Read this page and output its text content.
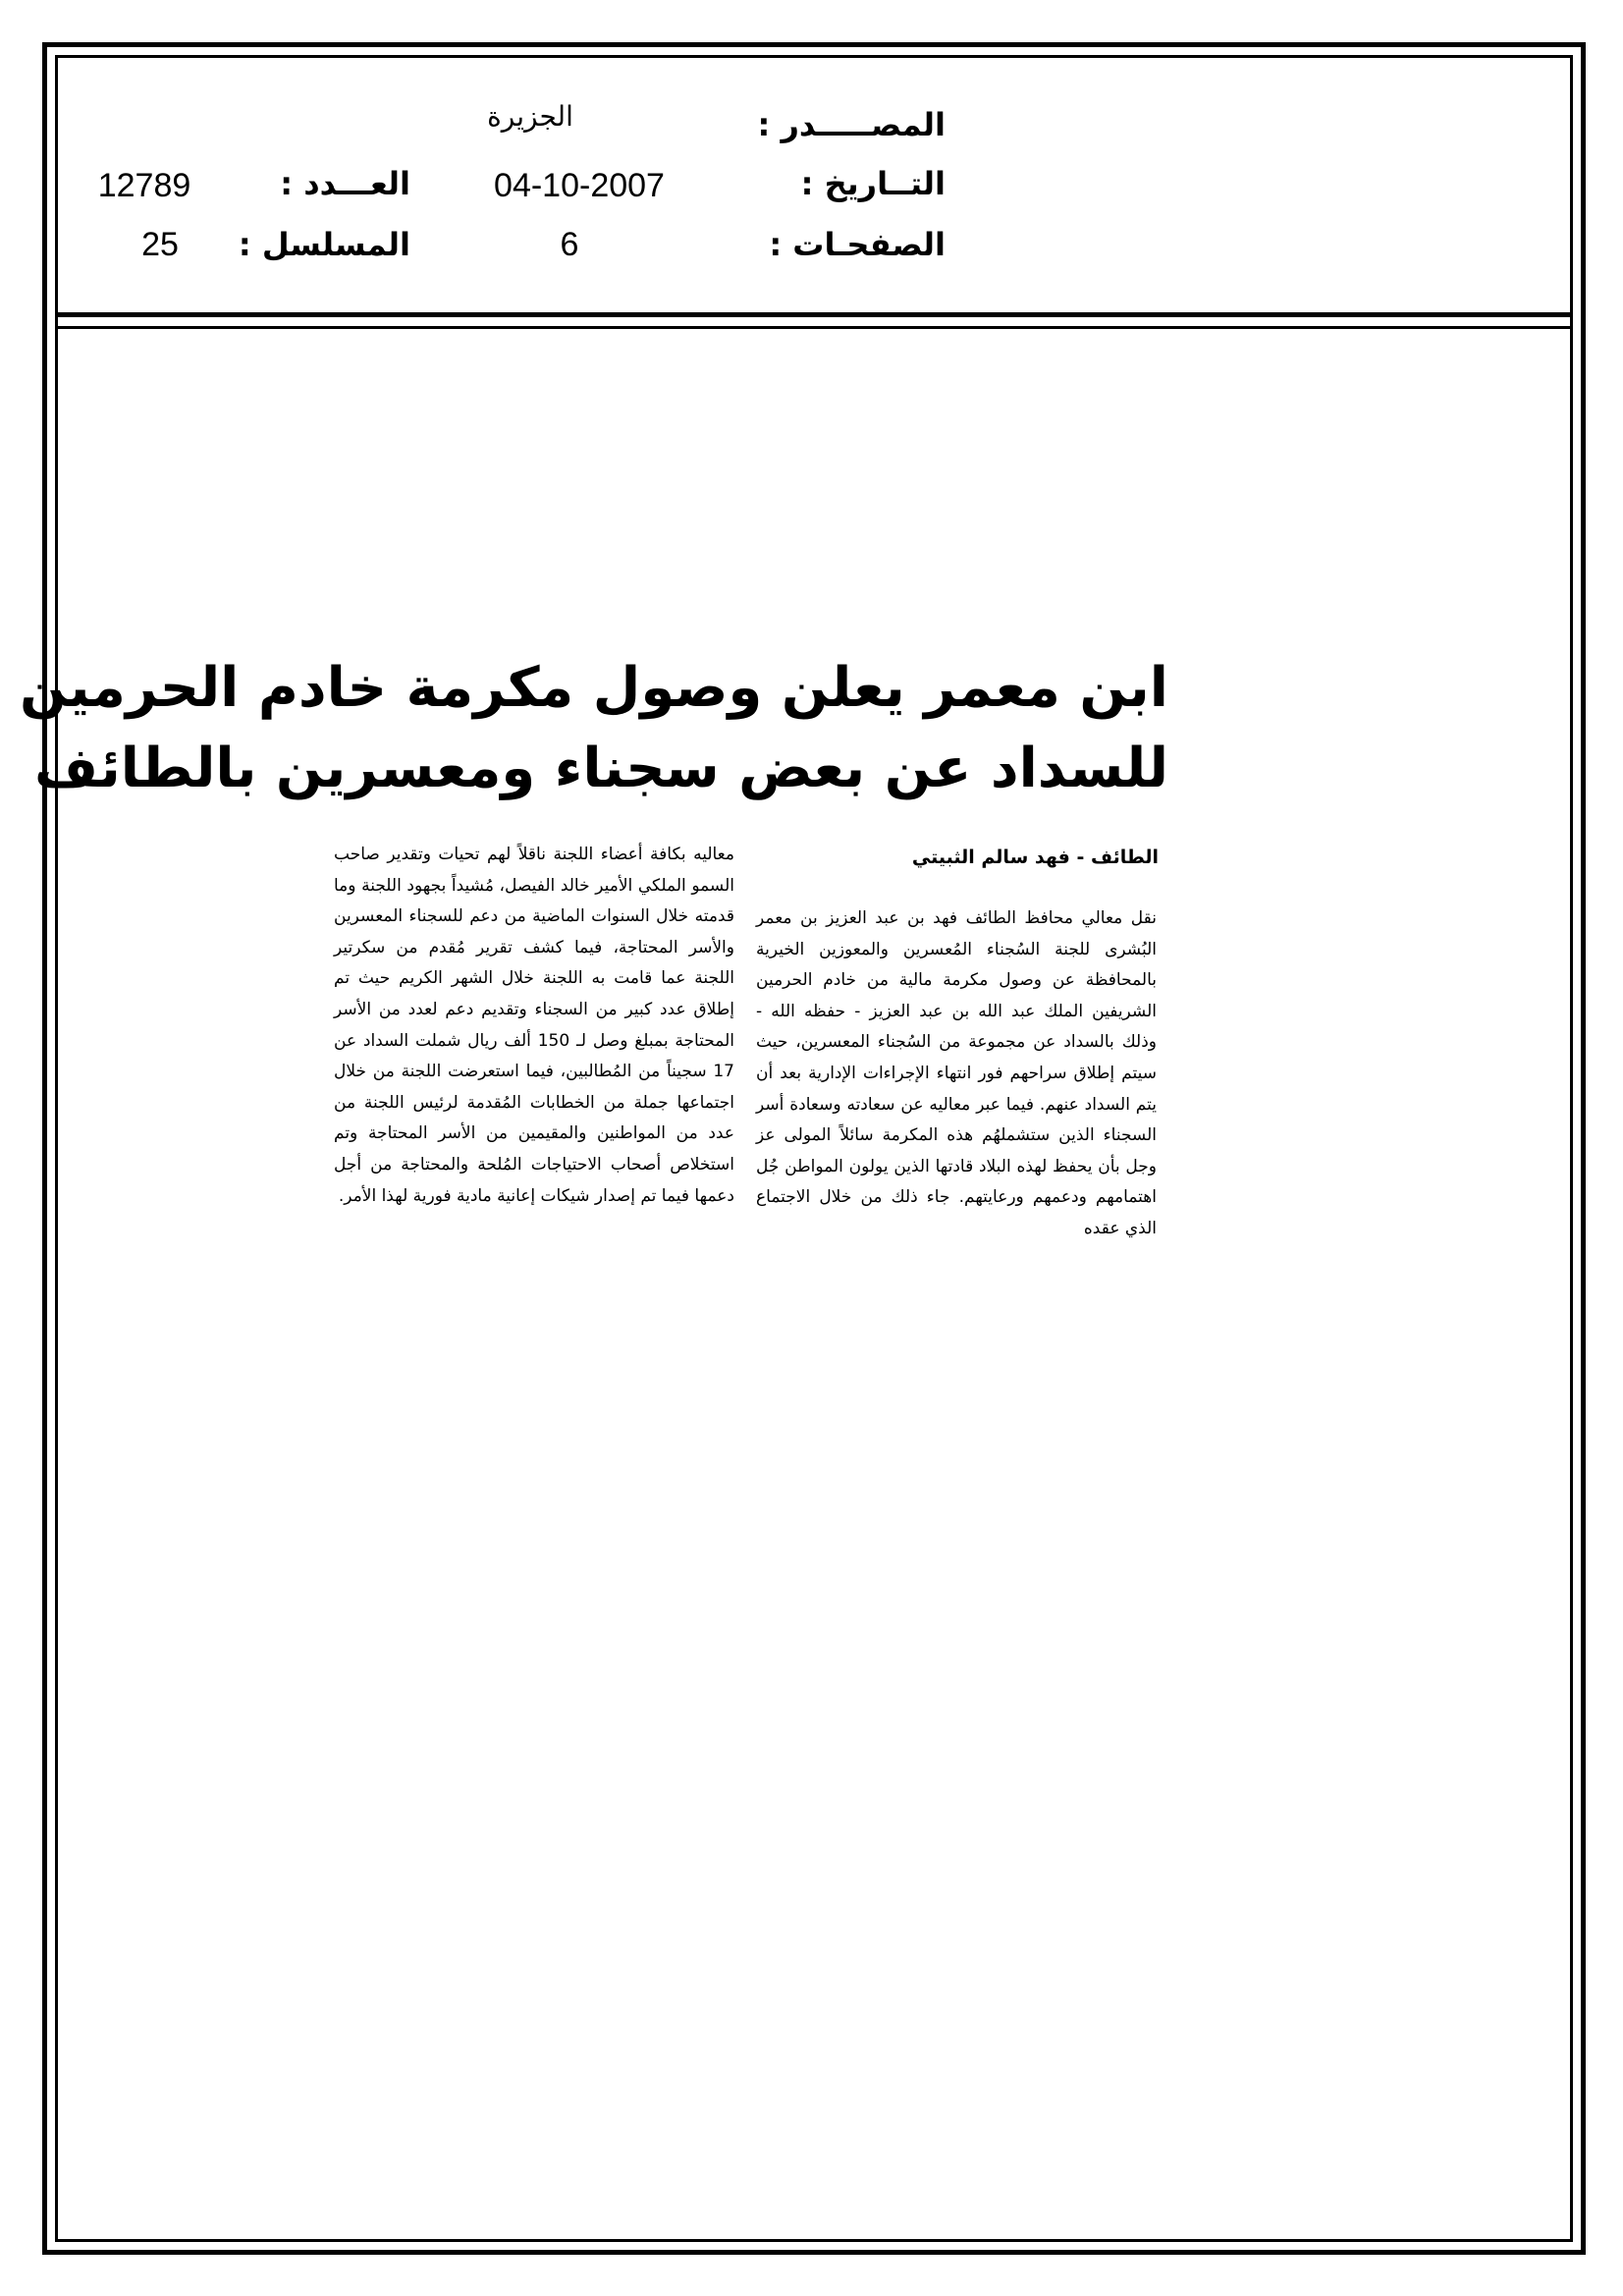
المصـــــدر :
التــاريخ :
الصفحـات :
الجزيرة
04-10-2007
6
العـــدد :
المسلسل :
12789
25
ابن معمر يعلن وصول مكرمة خادم الحرمين
للسداد عن بعض سجناء ومعسرين بالطائف
الطائف - فهد سالم الثبيتي
نقل معالي محافظ الطائف فهد بن عبد العزيز بن معمر البُشرى للجنة السُجناء المُعسرين والمعوزين الخيرية بالمحافظة عن وصول مكرمة مالية من خادم الحرمين الشريفين الملك عبد الله بن عبد العزيز - حفظه الله - وذلك بالسداد عن مجموعة من السُجناء المعسرين، حيث سيتم إطلاق سراحهم فور انتهاء الإجراءات الإدارية بعد أن يتم السداد عنهم. فيما عبر معاليه عن سعادته وسعادة أسر السجناء الذين ستشملهُم هذه المكرمة سائلاً المولى عز وجل بأن يحفظ لهذه البلاد قادتها الذين يولون المواطن جُل اهتمامهم ودعمهم ورعايتهم. جاء ذلك من خلال الاجتماع الذي عقده
معاليه بكافة أعضاء اللجنة ناقلاً لهم تحيات وتقدير صاحب السمو الملكي الأمير خالد الفيصل، مُشيداً بجهود اللجنة وما قدمته خلال السنوات الماضية من دعم للسجناء المعسرين والأسر المحتاجة، فيما كشف تقرير مُقدم من سكرتير اللجنة عما قامت به اللجنة خلال الشهر الكريم حيث تم إطلاق عدد كبير من السجناء وتقديم دعم لعدد من الأسر المحتاجة بمبلغ وصل لـ 150 ألف ريال شملت السداد عن 17 سجيناً من المُطالبين، فيما استعرضت اللجنة من خلال اجتماعها جملة من الخطابات المُقدمة لرئيس اللجنة من عدد من المواطنين والمقيمين من الأسر المحتاجة وتم استخلاص أصحاب الاحتياجات المُلحة والمحتاجة من أجل دعمها فيما تم إصدار شيكات إعانية مادية فورية لهذا الأمر.
